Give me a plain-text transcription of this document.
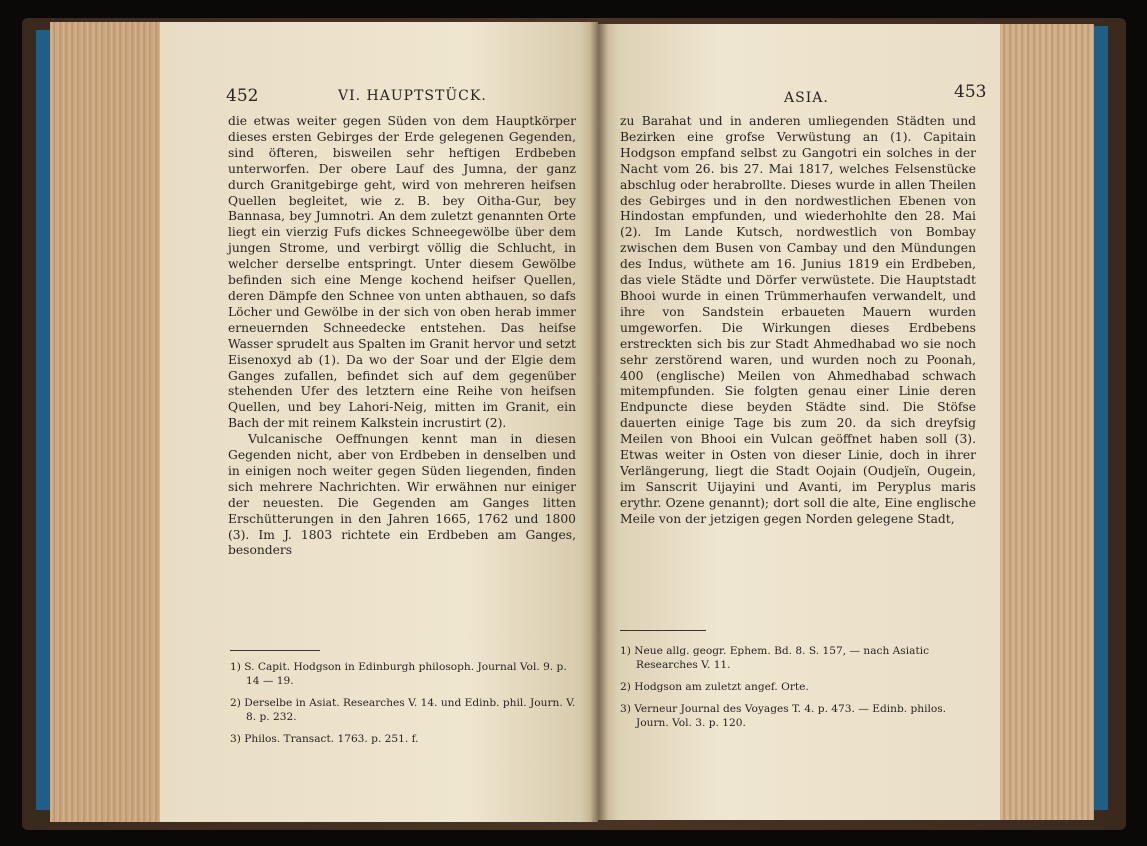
452	VI. HAUPTSTÜCK.

die etwas weiter gegen Süden von dem Hauptkörper dieses ersten Gebirges der Erde gelegenen Gegenden, sind öfteren, bisweilen sehr heftigen Erdbeben unterworfen. Der obere Lauf des Jumna, der ganz durch Granitgebirge geht, wird von mehreren heifsen Quellen begleitet, wie z. B. bey Oitha-Gur, bey Bannasa, bey Jumnotri. An dem zuletzt genannten Orte liegt ein vierzig Fufs dickes Schneegewölbe über dem jungen Strome, und verbirgt völlig die Schlucht, in welcher derselbe entspringt. Unter diesem Gewölbe befinden sich eine Menge kochend heifser Quellen, deren Dämpfe den Schnee von unten abthauen, so dafs Löcher und Gewölbe in der sich von oben herab immer erneuernden Schneedecke entstehen. Das heifse Wasser sprudelt aus Spalten im Granit hervor und setzt Eisenoxyd ab (1). Da wo der Soar und der Elgie dem Ganges zufallen, befindet sich auf dem gegenüber stehenden Ufer des letztern eine Reihe von heifsen Quellen, und bey Lahori-Neig, mitten im Granit, ein Bach der mit reinem Kalkstein incrustirt (2).

Vulcanische Oeffnungen kennt man in diesen Gegenden nicht, aber von Erdbeben in denselben und in einigen noch weiter gegen Süden liegenden, finden sich mehrere Nachrichten. Wir erwähnen nur einiger der neuesten. Die Gegenden am Ganges litten Erschütterungen in den Jahren 1665, 1762 und 1800 (3). Im J. 1803 richtete ein Erdbeben am Ganges, besonders

1) S. Capit. Hodgson in Edinburgh philosoph. Journal Vol. 9. p. 14 — 19.

2) Derselbe in Asiat. Researches V. 14. und Edinb. phil. Journ. V. 8. p. 232.

3) Philos. Transact. 1763. p. 251. f.

ASIA.	453

zu Barahat und in anderen umliegenden Städten und Bezirken eine grofse Verwüstung an (1). Capitain Hodgson empfand selbst zu Gangotri ein solches in der Nacht vom 26. bis 27. Mai 1817, welches Felsenstücke abschlug oder herabrollte. Dieses wurde in allen Theilen des Gebirges und in den nordwestlichen Ebenen von Hindostan empfunden, und wiederhohlte den 28. Mai (2). Im Lande Kutsch, nordwestlich von Bombay zwischen dem Busen von Cambay und den Mündungen des Indus, wüthete am 16. Junius 1819 ein Erdbeben, das viele Städte und Dörfer verwüstete. Die Hauptstadt Bhooi wurde in einen Trümmerhaufen verwandelt, und ihre von Sandstein erbaueten Mauern wurden umgeworfen. Die Wirkungen dieses Erdbebens erstreckten sich bis zur Stadt Ahmedhabad wo sie noch sehr zerstörend waren, und wurden noch zu Poonah, 400 (englische) Meilen von Ahmedhabad schwach mitempfunden. Sie folgten genau einer Linie deren Endpuncte diese beyden Städte sind. Die Stöfse dauerten einige Tage bis zum 20. da sich dreyfsig Meilen von Bhooi ein Vulcan geöffnet haben soll (3). Etwas weiter in Osten von dieser Linie, doch in ihrer Verlängerung, liegt die Stadt Oojain (Oudjeïn, Ougein, im Sanscrit Uijayini und Avanti, im Peryplus maris erythr. Ozene genannt); dort soll die alte, Eine englische Meile von der jetzigen gegen Norden gelegene Stadt,

1) Neue allg. geogr. Ephem. Bd. 8. S. 157, — nach Asiatic Researches V. 11.

2) Hodgson am zuletzt angef. Orte.

3) Verneur Journal des Voyages T. 4. p. 473. — Edinb. philos. Journ. Vol. 3. p. 120.
